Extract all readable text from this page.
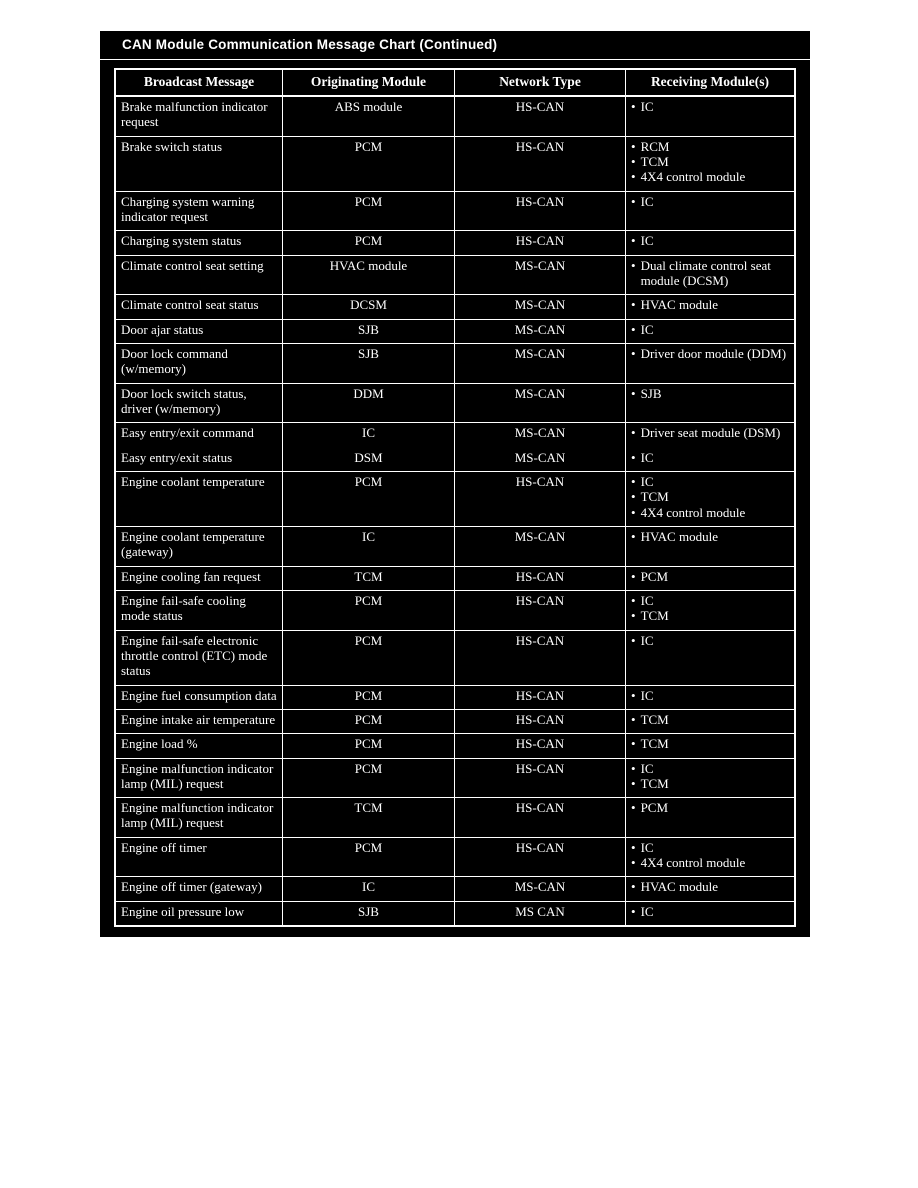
CAN Module Communication Message Chart (Continued)
Broadcast Message	Originating Module	Network Type	Receiving Module(s)
Brake malfunction indicator request
ABS module	HS-CAN	• IC
Brake switch status	PCM	HS-CAN	• RCM
• TCM
• 4X4 control module
Charging system warning indicator request
PCM	HS-CAN	• IC
Charging system status	PCM	HS-CAN	• IC
Climate control seat setting	HVAC module	MS-CAN	• Dual climate control seat module (DCSM)
Climate control seat status	DCSM	MS-CAN	• HVAC module
Door ajar status	SJB	MS-CAN	• IC
Door lock command (w/memory)
SJB	MS-CAN	• Driver door module (DDM)
Door lock switch status, driver (w/memory)
DDM	MS-CAN	• SJB
Easy entry/exit command	IC	MS-CAN	• Driver seat module (DSM)
Easy entry/exit status	DSM	MS-CAN	• IC
Engine coolant temperature	PCM	HS-CAN	• IC
• TCM
• 4X4 control module
Engine coolant temperature (gateway)
IC	MS-CAN	• HVAC module
Engine cooling fan request	TCM	HS-CAN	• PCM
Engine fail-safe cooling mode status
PCM	HS-CAN	• IC
• TCM
Engine fail-safe electronic throttle control (ETC) mode status
PCM	HS-CAN	• IC
Engine fuel consumption data	PCM	HS-CAN	• IC
Engine intake air temperature	PCM	HS-CAN	• TCM
Engine load %	PCM	HS-CAN	• TCM
Engine malfunction indicator lamp (MIL) request
PCM	HS-CAN	• IC
• TCM
Engine malfunction indicator lamp (MIL) request
TCM	HS-CAN	• PCM
Engine off timer	PCM	HS-CAN	• IC
• 4X4 control module
Engine off timer (gateway)	IC	MS-CAN	• HVAC module
Engine oil pressure low	SJB	MS CAN	• IC
